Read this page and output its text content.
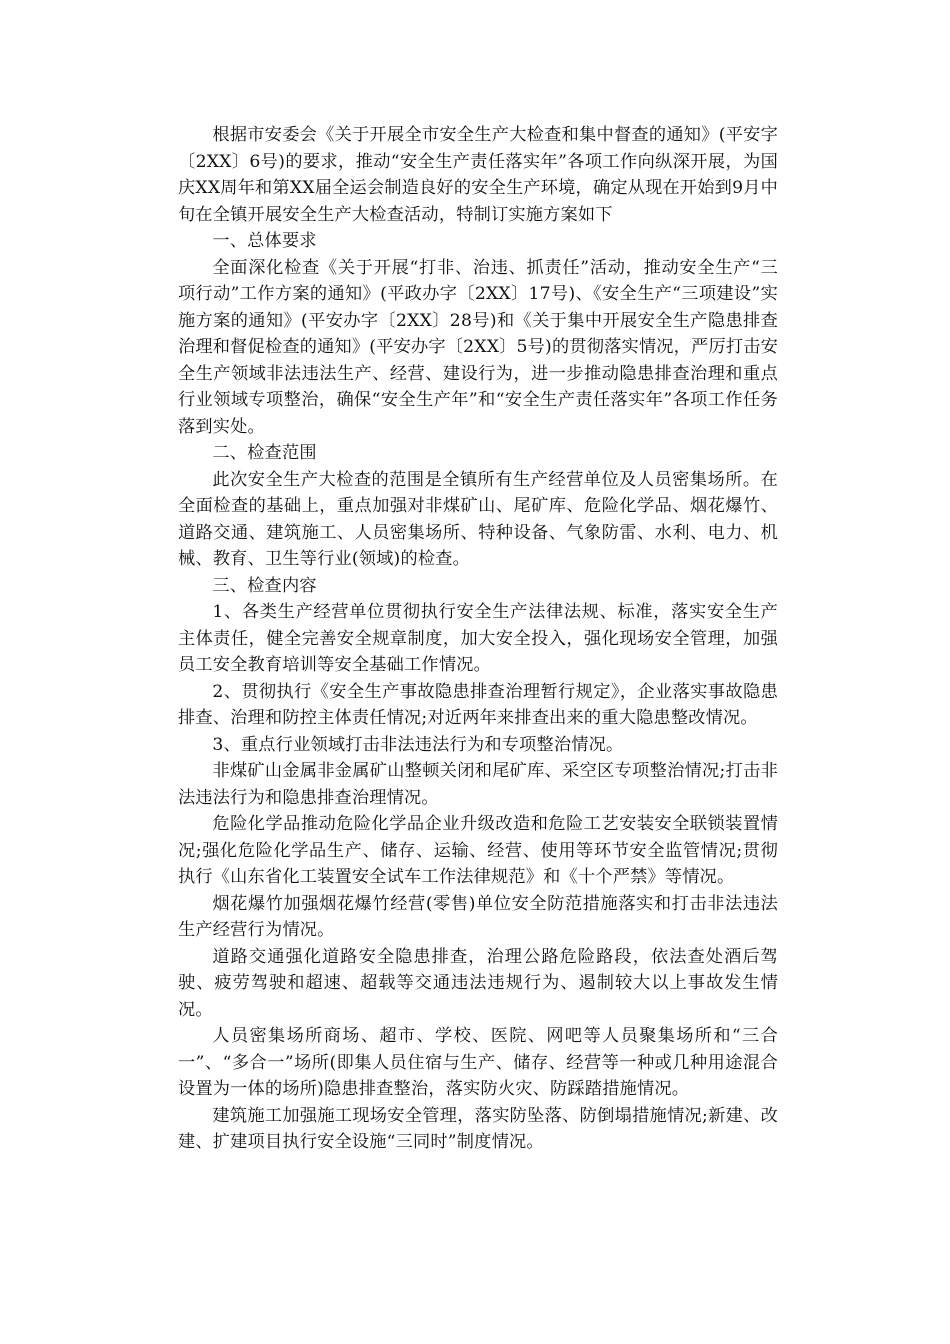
根据市安委会《关于开展全市安全生产大检查和集中督查的通知》(平安字〔2XX〕6号)的要求，推动“安全生产责任落实年”各项工作向纵深开展，为国庆XX周年和第XX届全运会制造良好的安全生产环境，确定从现在开始到9月中旬在全镇开展安全生产大检查活动，特制订实施方案如下

一、总体要求

全面深化检查《关于开展“打非、治违、抓责任”活动，推动安全生产“三项行动”工作方案的通知》(平政办字〔2XX〕17号)、《安全生产“三项建设”实施方案的通知》(平安办字〔2XX〕28号)和《关于集中开展安全生产隐患排查治理和督促检查的通知》(平安办字〔2XX〕5号)的贯彻落实情况，严厉打击安全生产领域非法违法生产、经营、建设行为，进一步推动隐患排查治理和重点行业领域专项整治，确保“安全生产年”和“安全生产责任落实年”各项工作任务落到实处。

二、检查范围

此次安全生产大检查的范围是全镇所有生产经营单位及人员密集场所。在全面检查的基础上，重点加强对非煤矿山、尾矿库、危险化学品、烟花爆竹、道路交通、建筑施工、人员密集场所、特种设备、气象防雷、水利、电力、机械、教育、卫生等行业(领域)的检查。

三、检查内容

1、各类生产经营单位贯彻执行安全生产法律法规、标准，落实安全生产主体责任，健全完善安全规章制度，加大安全投入，强化现场安全管理，加强员工安全教育培训等安全基础工作情况。

2、贯彻执行《安全生产事故隐患排查治理暂行规定》，企业落实事故隐患排查、治理和防控主体责任情况;对近两年来排查出来的重大隐患整改情况。

3、重点行业领域打击非法违法行为和专项整治情况。

非煤矿山金属非金属矿山整顿关闭和尾矿库、采空区专项整治情况;打击非法违法行为和隐患排查治理情况。

危险化学品推动危险化学品企业升级改造和危险工艺安装安全联锁装置情况;强化危险化学品生产、储存、运输、经营、使用等环节安全监管情况;贯彻执行《山东省化工装置安全试车工作法律规范》和《十个严禁》等情况。

烟花爆竹加强烟花爆竹经营(零售)单位安全防范措施落实和打击非法违法生产经营行为情况。

道路交通强化道路安全隐患排查，治理公路危险路段，依法查处酒后驾驶、疲劳驾驶和超速、超载等交通违法违规行为、遏制较大以上事故发生情况。

人员密集场所商场、超市、学校、医院、网吧等人员聚集场所和“三合一”、“多合一”场所(即集人员住宿与生产、储存、经营等一种或几种用途混合设置为一体的场所)隐患排查整治，落实防火灾、防踩踏措施情况。

建筑施工加强施工现场安全管理，落实防坠落、防倒塌措施情况;新建、改建、扩建项目执行安全设施“三同时”制度情况。
